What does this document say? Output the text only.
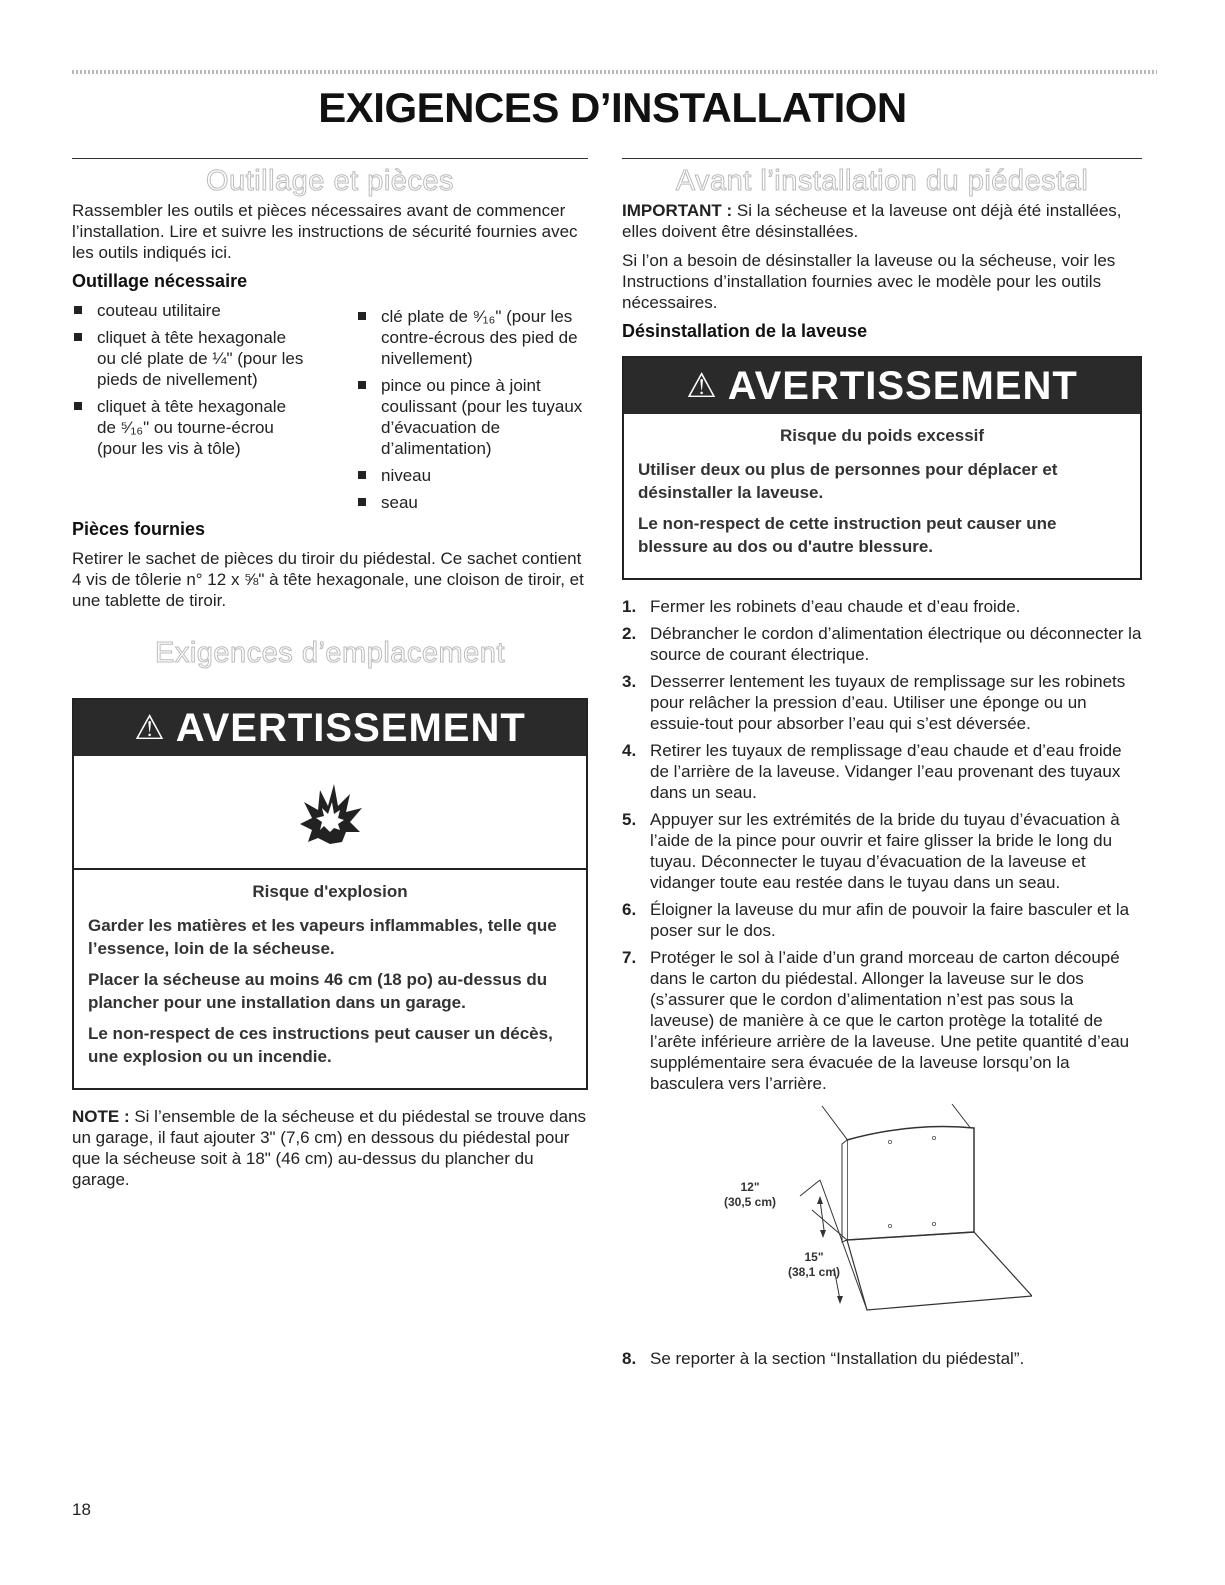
EXIGENCES D’INSTALLATION
Outillage et pièces

Rassembler les outils et pièces nécessaires avant de commencer l’installation. Lire et suivre les instructions de sécurité fournies avec les outils indiqués ici.

Outillage nécessaire
couteau utilitaire
cliquet à tête hexagonale ou clé plate de ¼" (pour les pieds de nivellement)
cliquet à tête hexagonale de ⁵⁄₁₆" ou tourne-écrou (pour les vis à tôle)
clé plate de ⁹⁄₁₆" (pour les contre-écrous des pied de nivellement)
pince ou pince à joint coulissant (pour les tuyaux d’évacuation de d’alimentation)
niveau
seau
Pièces fournies

Retirer le sachet de pièces du tiroir du piédestal. Ce sachet contient 4 vis de tôlerie n° 12 x ⅝" à tête hexagonale, une cloison de tiroir, et une tablette de tiroir.

Exigences d’emplacement
⚠ AVERTISSEMENT
Risque d'explosion

Garder les matières et les vapeurs inflammables, telle que l’essence, loin de la sécheuse.

Placer la sécheuse au moins 46 cm (18 po) au-dessus du plancher pour une installation dans un garage.

Le non-respect de ces instructions peut causer un décès, une explosion ou un incendie.

NOTE : Si l’ensemble de la sécheuse et du piédestal se trouve dans un garage, il faut ajouter 3" (7,6 cm) en dessous du piédestal pour que la sécheuse soit à 18" (46 cm) au-dessus du plancher du garage.

Avant l’installation du piédestal

IMPORTANT : Si la sécheuse et la laveuse ont déjà été installées, elles doivent être désinstallées.

Si l’on a besoin de désinstaller la laveuse ou la sécheuse, voir les Instructions d’installation fournies avec le modèle pour les outils nécessaires.

Désinstallation de la laveuse
⚠ AVERTISSEMENT
Risque du poids excessif

Utiliser deux ou plus de personnes pour déplacer et désinstaller la laveuse.

Le non-respect de cette instruction peut causer une blessure au dos ou d'autre blessure.

1. Fermer les robinets d’eau chaude et d’eau froide.
2. Débrancher le cordon d’alimentation électrique ou déconnecter la source de courant électrique.
3. Desserrer lentement les tuyaux de remplissage sur les robinets pour relâcher la pression d’eau. Utiliser une éponge ou un essuie-tout pour absorber l’eau qui s’est déversée.
4. Retirer les tuyaux de remplissage d’eau chaude et d’eau froide de l’arrière de la laveuse. Vidanger l’eau provenant des tuyaux dans un seau.
5. Appuyer sur les extrémités de la bride du tuyau d’évacuation à l’aide de la pince pour ouvrir et faire glisser la bride le long du tuyau. Déconnecter le tuyau d’évacuation de la laveuse et vidanger toute eau restée dans le tuyau dans un seau.
6. Éloigner la laveuse du mur afin de pouvoir la faire basculer et la poser sur le dos.
7. Protéger le sol à l’aide d’un grand morceau de carton découpé dans le carton du piédestal. Allonger la laveuse sur le dos (s’assurer que le cordon d’alimentation n’est pas sous la laveuse) de manière à ce que le carton protège la totalité de l’arête inférieure arrière de la laveuse. Une petite quantité d’eau supplémentaire sera évacuée de la laveuse lorsqu’on la basculera vers l’arrière.
12"
(30,5 cm)
15"
(38,1 cm)
8. Se reporter à la section “Installation du piédestal”.
18
